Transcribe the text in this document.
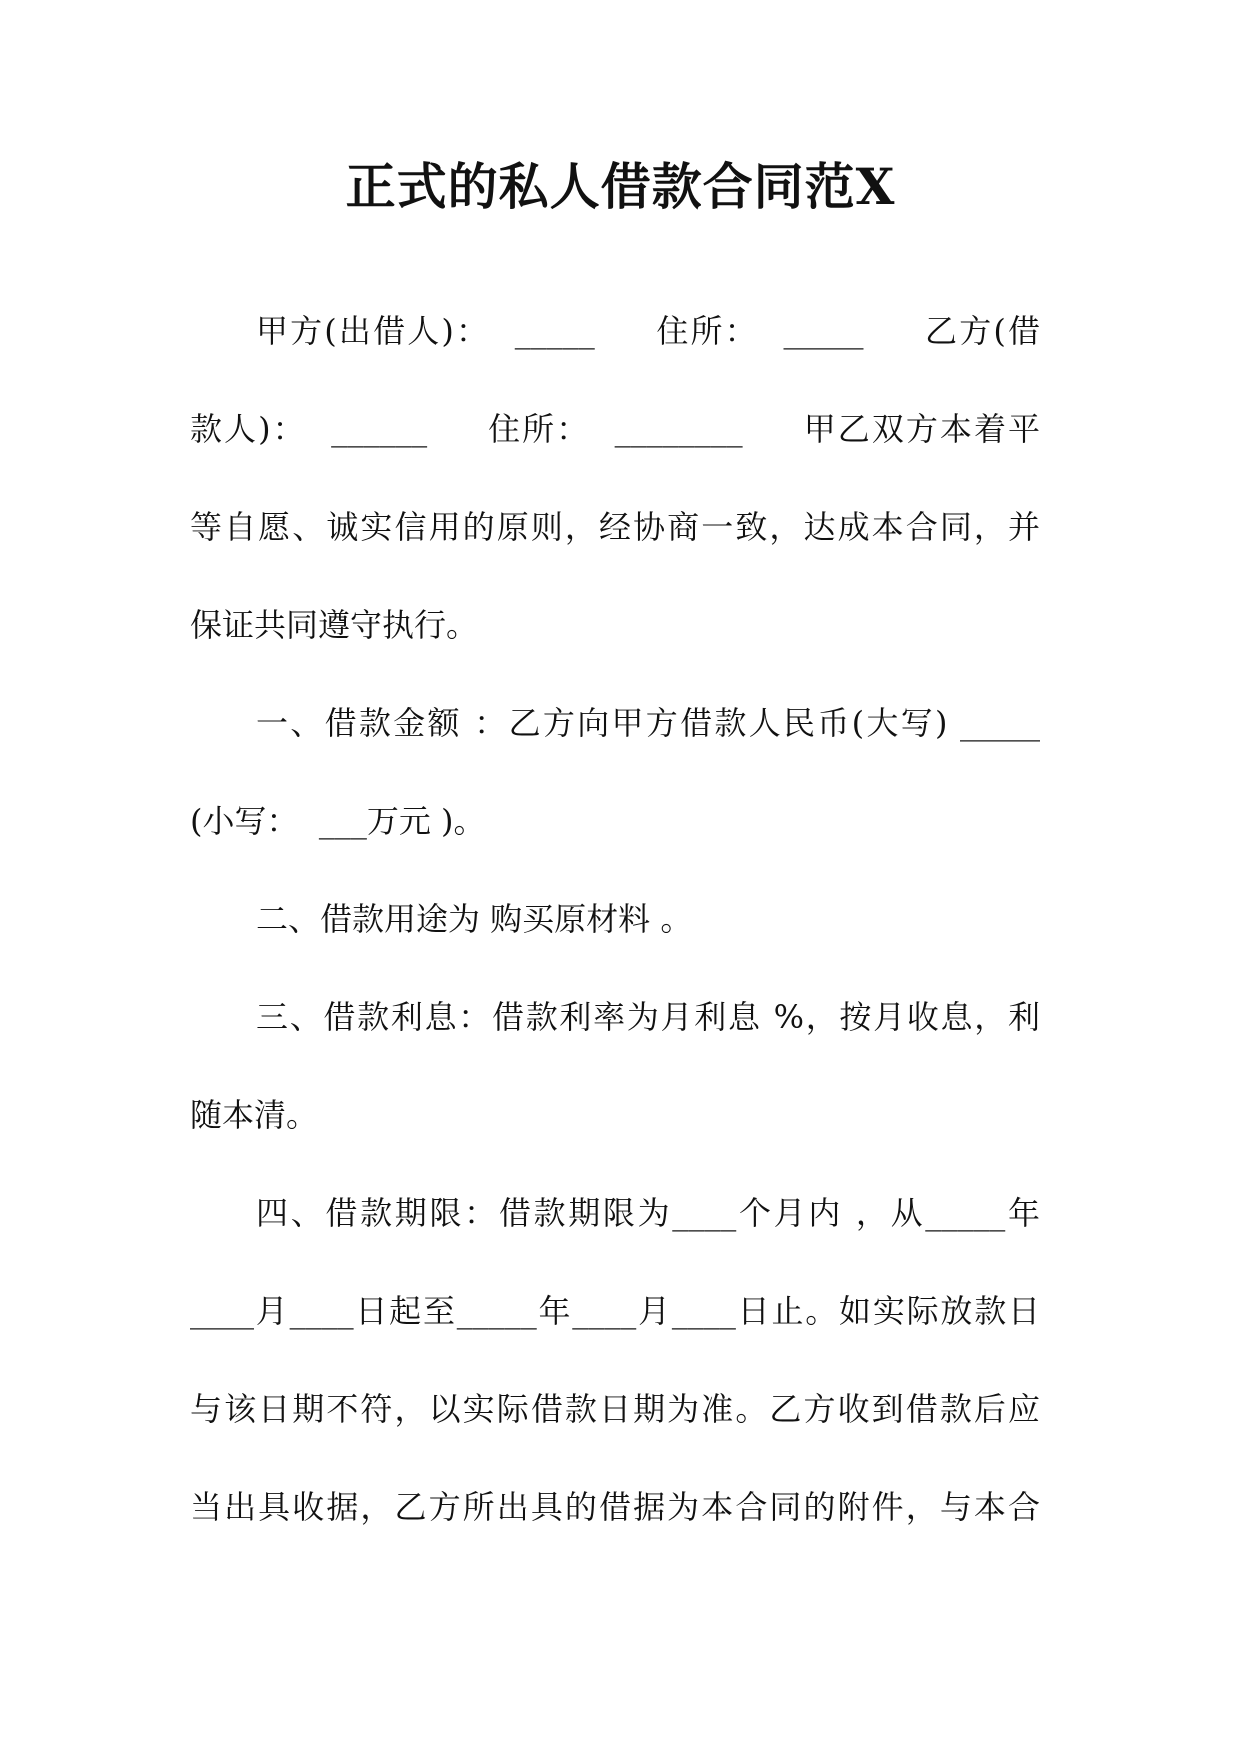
正式的私人借款合同范X
甲方(出借人)：  _____     住所：  _____     乙方(借
款人)：  ______     住所：  ________     甲乙双方本着平
等自愿、诚实信用的原则，经协商一致，达成本合同，并
保证共同遵守执行。
一、借款金额 ：乙方向甲方借款人民币(大写) _____
(小写：  ___万元 )。
二、借款用途为 购买原材料 。
三、借款利息：借款利率为月利息 %，按月收息，利
随本清。
四、借款期限：借款期限为____个月内 ，从_____年
____月____日起至_____年____月____日止。如实际放款日
与该日期不符，以实际借款日期为准。乙方收到借款后应
当出具收据，乙方所出具的借据为本合同的附件，与本合
